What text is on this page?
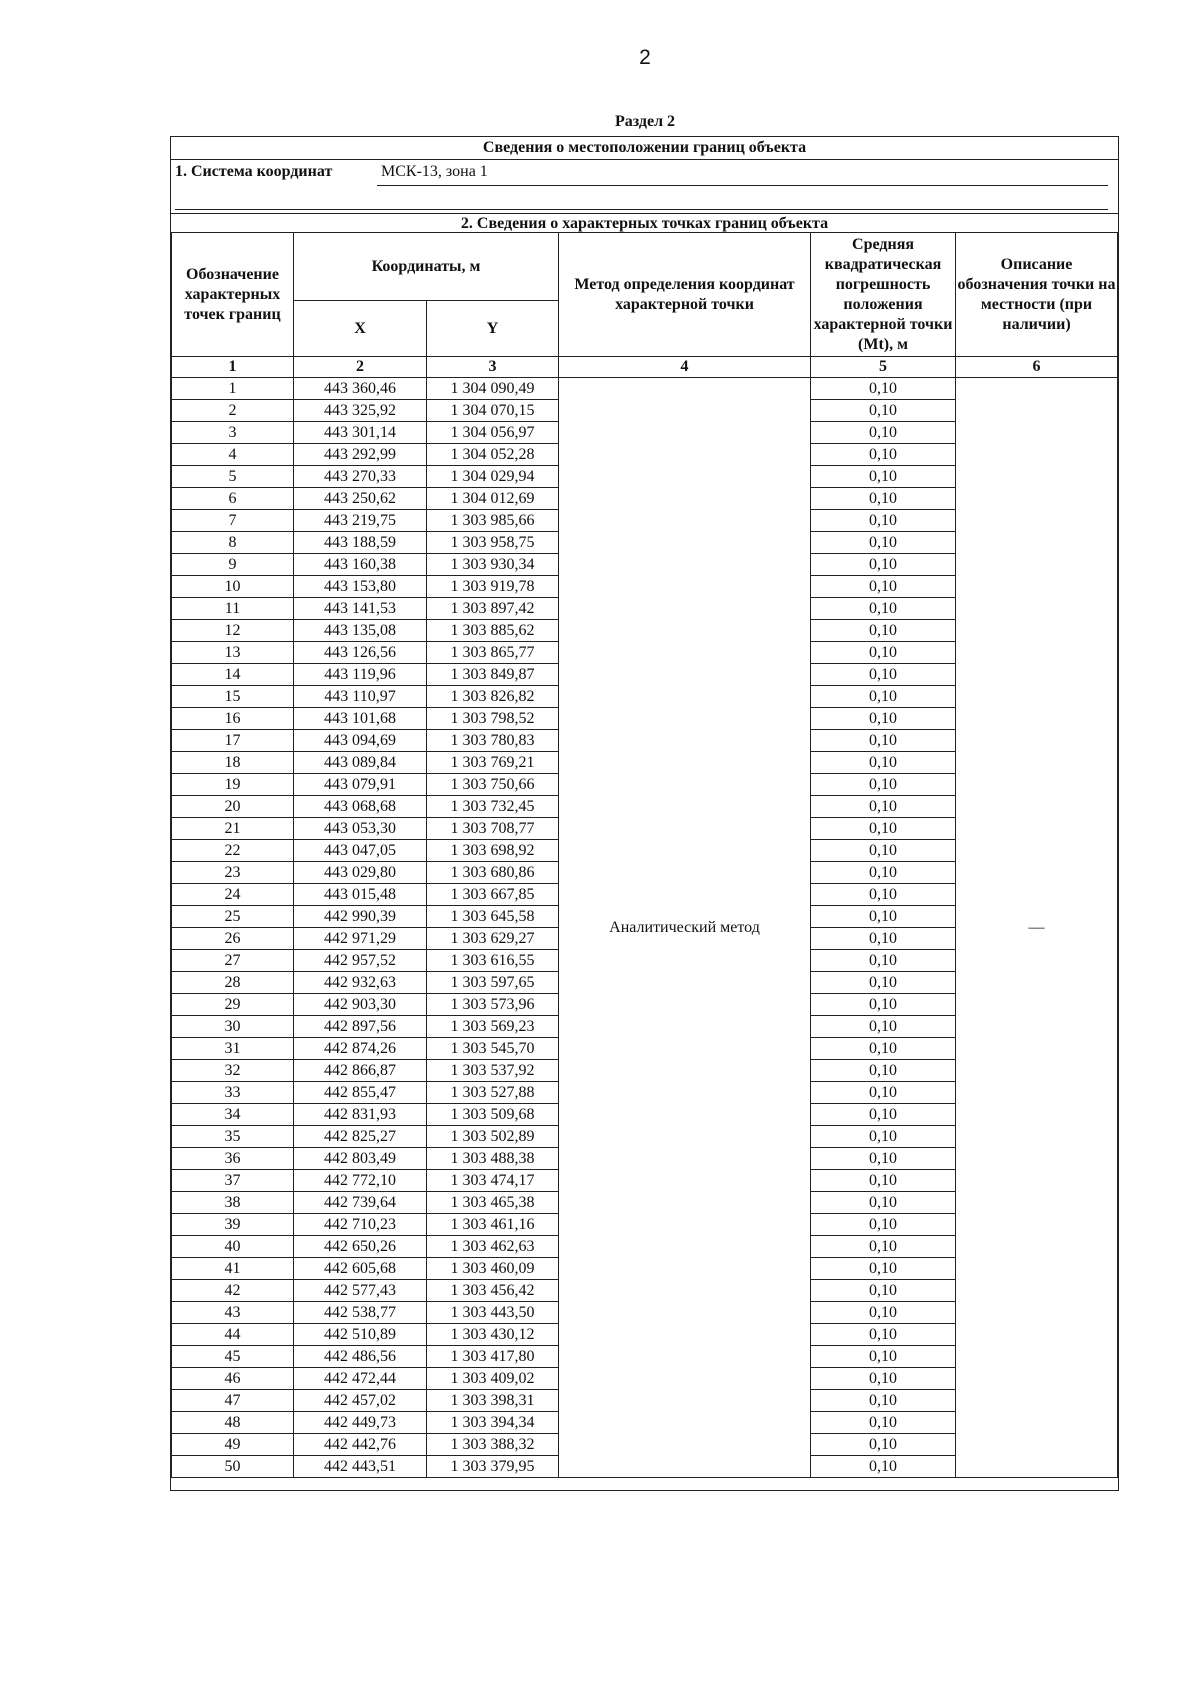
2
Раздел 2
Сведения о местоположении границ объекта
1. Система координат	МСК-13, зона 1
2. Сведения о характерных точках границ объекта
Обозначение характерных точек границ	Координаты, м		Метод определения координат характерной точки	Средняя квадратическая погрешность положения характерной точки (Mt), м	Описание обозначения точки на местности (при наличии)
	X	Y			
1	2	3	4	5	6
1	443 360,46	1 304 090,49	Аналитический метод	0,10	—
2	443 325,92	1 304 070,15		0,10	
3	443 301,14	1 304 056,97		0,10	
4	443 292,99	1 304 052,28		0,10	
5	443 270,33	1 304 029,94		0,10	
6	443 250,62	1 304 012,69		0,10	
7	443 219,75	1 303 985,66		0,10	
8	443 188,59	1 303 958,75		0,10	
9	443 160,38	1 303 930,34		0,10	
10	443 153,80	1 303 919,78		0,10	
11	443 141,53	1 303 897,42		0,10	
12	443 135,08	1 303 885,62		0,10	
13	443 126,56	1 303 865,77		0,10	
14	443 119,96	1 303 849,87		0,10	
15	443 110,97	1 303 826,82		0,10	
16	443 101,68	1 303 798,52		0,10	
17	443 094,69	1 303 780,83		0,10	
18	443 089,84	1 303 769,21		0,10	
19	443 079,91	1 303 750,66		0,10	
20	443 068,68	1 303 732,45		0,10	
21	443 053,30	1 303 708,77		0,10	
22	443 047,05	1 303 698,92		0,10	
23	443 029,80	1 303 680,86		0,10	
24	443 015,48	1 303 667,85		0,10	
25	442 990,39	1 303 645,58		0,10	
26	442 971,29	1 303 629,27		0,10	
27	442 957,52	1 303 616,55		0,10	
28	442 932,63	1 303 597,65		0,10	
29	442 903,30	1 303 573,96		0,10	
30	442 897,56	1 303 569,23		0,10	
31	442 874,26	1 303 545,70		0,10	
32	442 866,87	1 303 537,92		0,10	
33	442 855,47	1 303 527,88		0,10	
34	442 831,93	1 303 509,68		0,10	
35	442 825,27	1 303 502,89		0,10	
36	442 803,49	1 303 488,38		0,10	
37	442 772,10	1 303 474,17		0,10	
38	442 739,64	1 303 465,38		0,10	
39	442 710,23	1 303 461,16		0,10	
40	442 650,26	1 303 462,63		0,10	
41	442 605,68	1 303 460,09		0,10	
42	442 577,43	1 303 456,42		0,10	
43	442 538,77	1 303 443,50		0,10	
44	442 510,89	1 303 430,12		0,10	
45	442 486,56	1 303 417,80		0,10	
46	442 472,44	1 303 409,02		0,10	
47	442 457,02	1 303 398,31		0,10	
48	442 449,73	1 303 394,34		0,10	
49	442 442,76	1 303 388,32		0,10	
50	442 443,51	1 303 379,95		0,10	
